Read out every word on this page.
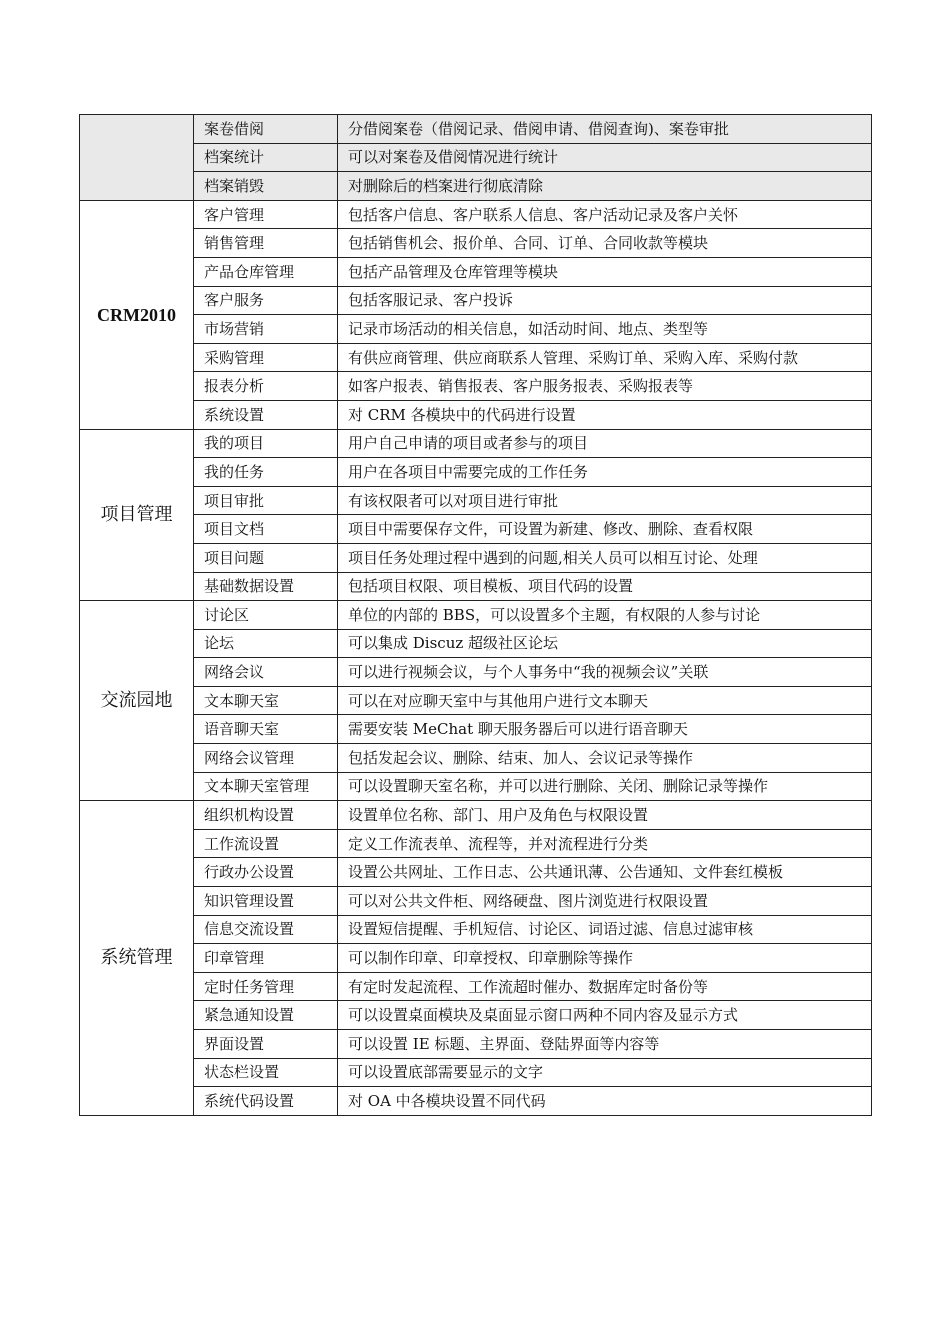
	案卷借阅	分借阅案卷（借阅记录、借阅申请、借阅查询)、案卷审批
	档案统计	可以对案卷及借阅情况进行统计
	档案销毁	对删除后的档案进行彻底清除
CRM2010	客户管理	包括客户信息、客户联系人信息、客户活动记录及客户关怀
	销售管理	包括销售机会、报价单、合同、订单、合同收款等模块
	产品仓库管理	包括产品管理及仓库管理等模块
	客户服务	包括客服记录、客户投诉
	市场营销	记录市场活动的相关信息，如活动时间、地点、类型等
	采购管理	有供应商管理、供应商联系人管理、采购订单、采购入库、采购付款
	报表分析	如客户报表、销售报表、客户服务报表、采购报表等
	系统设置	对 CRM 各模块中的代码进行设置
项目管理	我的项目	用户自己申请的项目或者参与的项目
	我的任务	用户在各项目中需要完成的工作任务
	项目审批	有该权限者可以对项目进行审批
	项目文档	项目中需要保存文件，可设置为新建、修改、删除、查看权限
	项目问题	项目任务处理过程中遇到的问题,相关人员可以相互讨论、处理
	基础数据设置	包括项目权限、项目模板、项目代码的设置
交流园地	讨论区	单位的内部的 BBS，可以设置多个主题，有权限的人参与讨论
	论坛	可以集成 Discuz 超级社区论坛
	网络会议	可以进行视频会议，与个人事务中“我的视频会议”关联
	文本聊天室	可以在对应聊天室中与其他用户进行文本聊天
	语音聊天室	需要安装 MeChat 聊天服务器后可以进行语音聊天
	网络会议管理	包括发起会议、删除、结束、加人、会议记录等操作
	文本聊天室管理	可以设置聊天室名称，并可以进行删除、关闭、删除记录等操作
系统管理	组织机构设置	设置单位名称、部门、用户及角色与权限设置
	工作流设置	定义工作流表单、流程等，并对流程进行分类
	行政办公设置	设置公共网址、工作日志、公共通讯薄、公告通知、文件套红模板
	知识管理设置	可以对公共文件柜、网络硬盘、图片浏览进行权限设置
	信息交流设置	设置短信提醒、手机短信、讨论区、词语过滤、信息过滤审核
	印章管理	可以制作印章、印章授权、印章删除等操作
	定时任务管理	有定时发起流程、工作流超时催办、数据库定时备份等
	紧急通知设置	可以设置桌面模块及桌面显示窗口两种不同内容及显示方式
	界面设置	可以设置 IE 标题、主界面、登陆界面等内容等
	状态栏设置	可以设置底部需要显示的文字
	系统代码设置	对 OA 中各模块设置不同代码
